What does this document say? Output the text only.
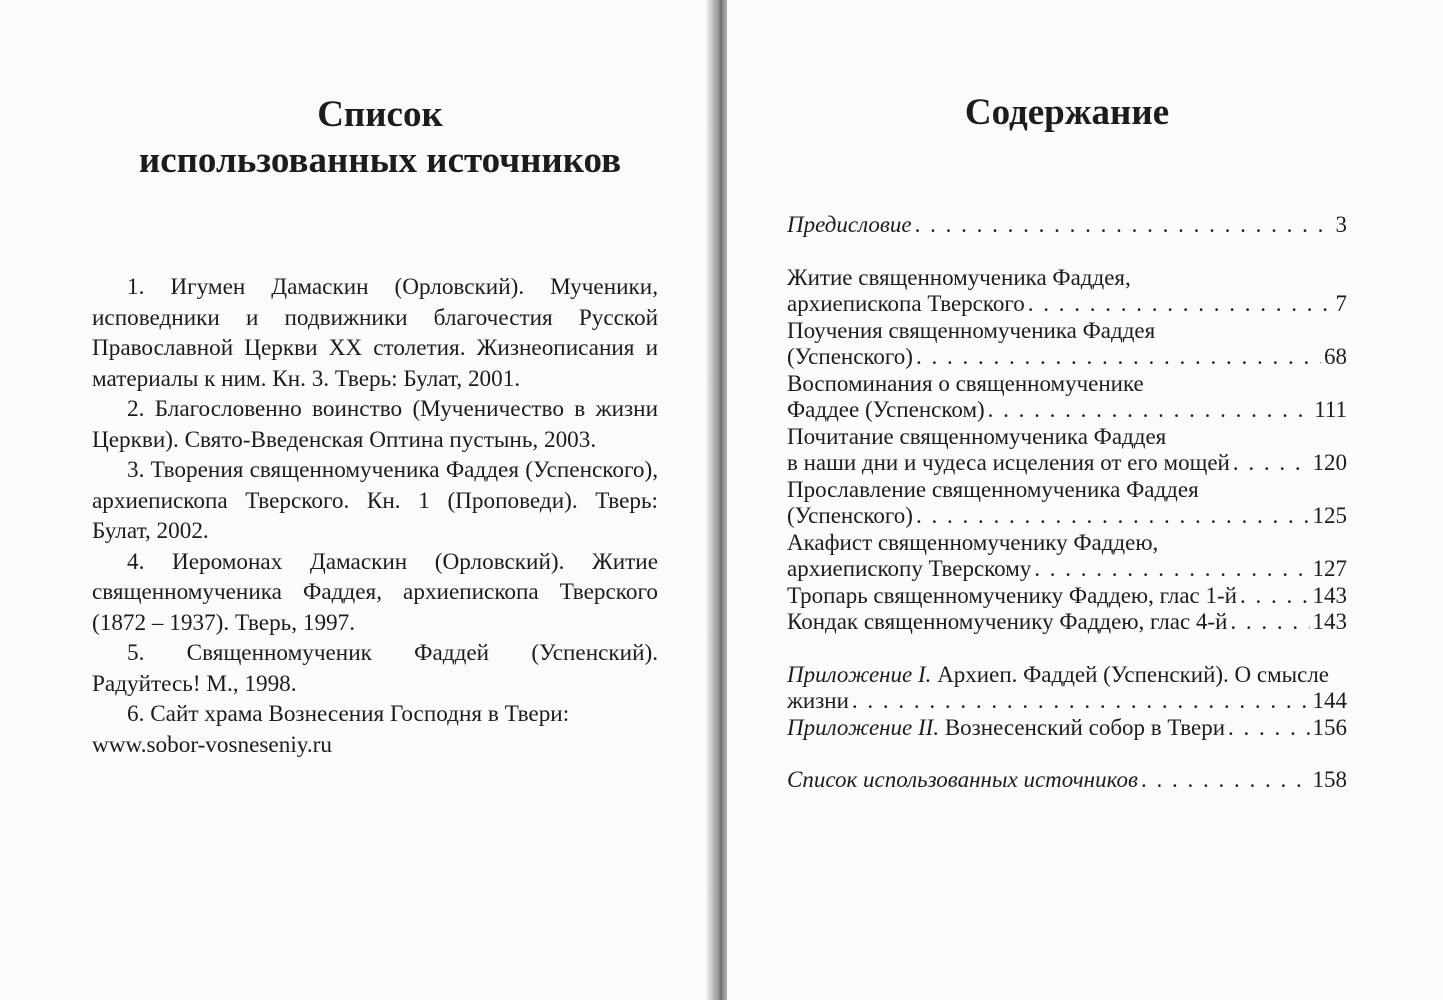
Список
использованных источников

1. Игумен Дамаскин (Орловский). Мученики, исповедники и подвижники благочестия Русской Православной Церкви XX столетия. Жизнеописания и материалы к ним. Кн. 3. Тверь: Булат, 2001.

2. Благословенно воинство (Мученичество в жизни Церкви). Свято-Введенская Оптина пустынь, 2003.

3. Творения священномученика Фаддея (Успенского), архиепископа Тверского. Кн. 1 (Проповеди). Тверь: Булат, 2002.

4. Иеромонах Дамаскин (Орловский). Житие священномученика Фаддея, архиепископа Тверского (1872 – 1937). Тверь, 1997.

5. Священномученик Фаддей (Успенский). Радуйтесь! М., 1998.

6. Сайт храма Вознесения Господня в Твери: www.sobor-vosneseniy.ru

Содержание
Предисловие . . .	3
Житие священномученика Фаддея,
архиепископа Тверского . . .	7
Поучения священномученика Фаддея
(Успенского) . . .	68
Воспоминания о священномученике
Фаддее (Успенском) . . .	111
Почитание священномученика Фаддея
в наши дни и чудеса исцеления от его мощей . . .	120
Прославление священномученика Фаддея
(Успенского) . . .	125
Акафист священномученику Фаддею,
архиепископу Тверскому . . .	127
Тропарь священномученику Фаддею, глас 1-й . . .	143
Кондак священномученику Фаддею, глас 4-й . . .	143
Приложение I. Архиеп. Фаддей (Успенский). О смысле
жизни . . .	144
Приложение II. Вознесенский собор в Твери . . .	156
Список использованных источников . . .	158
